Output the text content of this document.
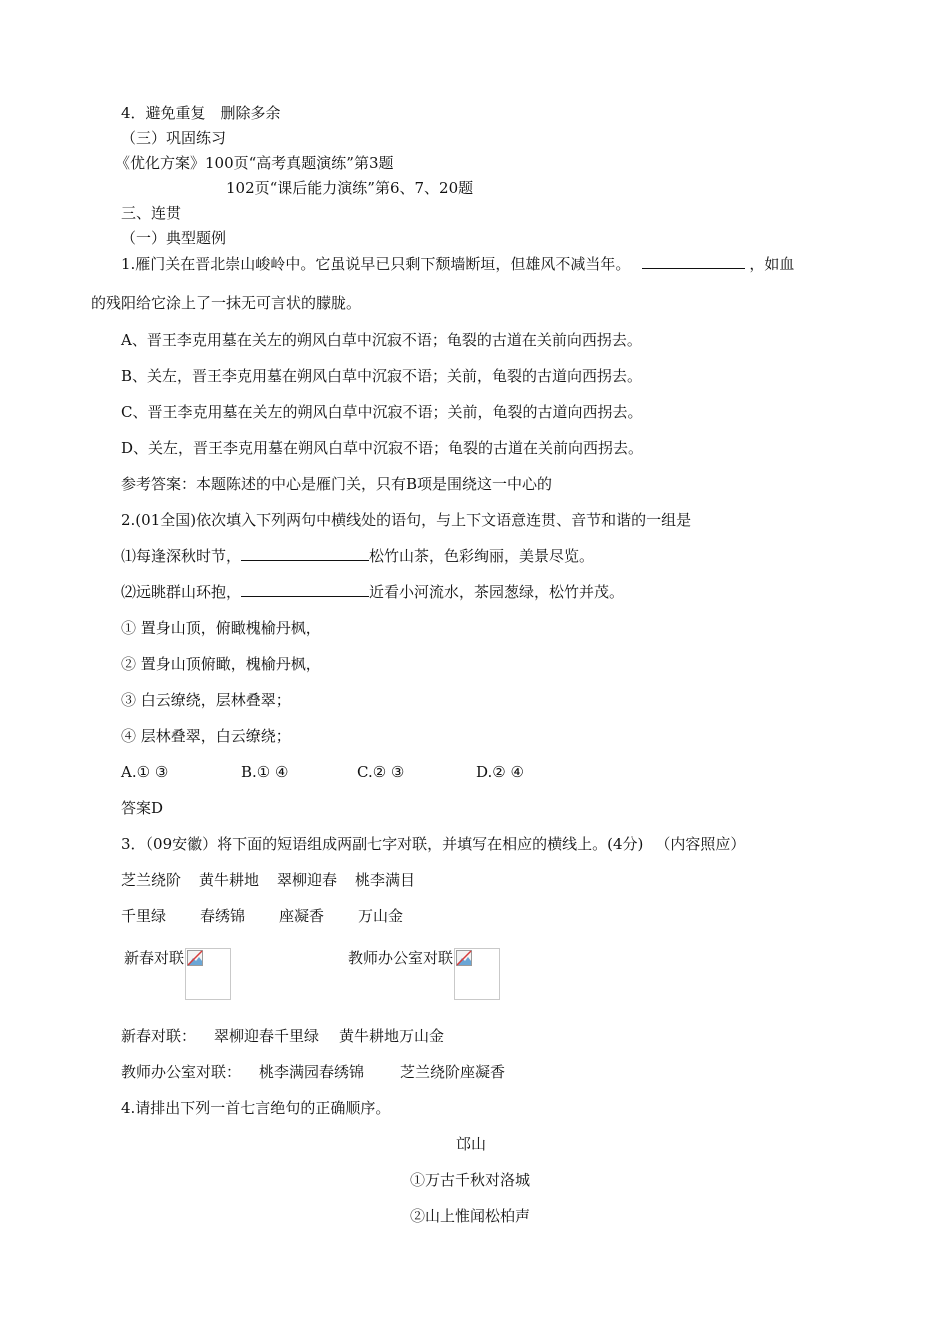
4．避免重复　删除多余
（三）巩固练习
《优化方案》100页“高考真题演练”第3题
102页“课后能力演练”第6、7、20题
三、连贯
（一）典型题例
1.雁门关在晋北崇山峻岭中。它虽说早已只剩下颓墙断垣，但雄风不减当年。	，如血
的残阳给它涂上了一抹无可言状的朦胧。
A、晋王李克用墓在关左的朔风白草中沉寂不语；龟裂的古道在关前向西拐去。
B、关左，晋王李克用墓在朔风白草中沉寂不语；关前，龟裂的古道向西拐去。
C、晋王李克用墓在关左的朔风白草中沉寂不语；关前，龟裂的古道向西拐去。
D、关左，晋王李克用墓在朔风白草中沉寂不语；龟裂的古道在关前向西拐去。
参考答案：本题陈述的中心是雁门关，只有B项是围绕这一中心的
2.(01全国)依次填入下列两句中横线处的语句，与上下文语意连贯、音节和谐的一组是
⑴每逢深秋时节，	松竹山茶，色彩绚丽，美景尽览。
⑵远眺群山环抱，	近看小河流水，茶园葱绿，松竹并茂。
① 置身山顶，俯瞰槐榆丹枫，
② 置身山顶俯瞰，槐榆丹枫，
③ 白云缭绕，层林叠翠；
④ 层林叠翠，白云缭绕；
A.① ③	B.① ④	C.② ③	D.② ④
答案D
3．（09安徽）将下面的短语组成两副七字对联，并填写在相应的横线上。(4分) （内容照应）
芝兰绕阶 黄牛耕地 翠柳迎春 桃李满目
千里绿 春绣锦 座凝香 万山金
新春对联	教师办公室对联
新春对联： 翠柳迎春千里绿 黄牛耕地万山金
教师办公室对联： 桃李满园春绣锦 芝兰绕阶座凝香
4.请排出下列一首七言绝句的正确顺序。
邙山
①万古千秋对洛城
②山上惟闻松柏声
